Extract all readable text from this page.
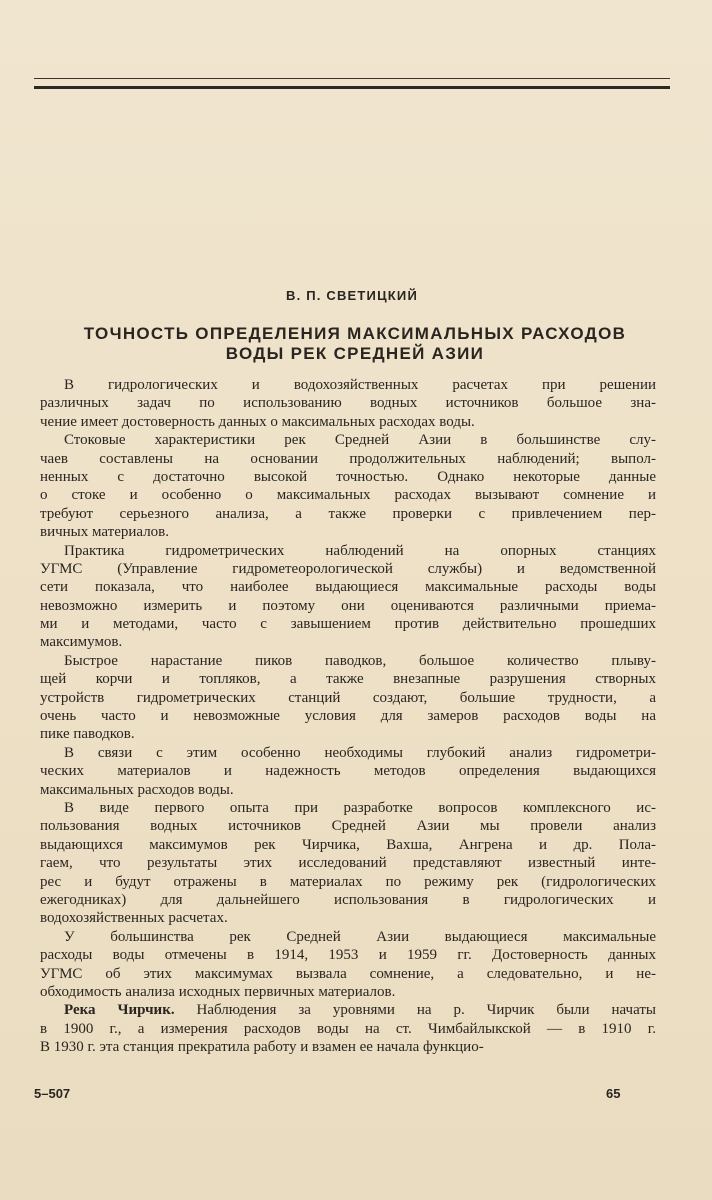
В. П. СВЕТИЦКИЙ
ТОЧНОСТЬ ОПРЕДЕЛЕНИЯ МАКСИМАЛЬНЫХ РАСХОДОВ
ВОДЫ РЕК СРЕДНЕЙ АЗИИ
В гидрологических и водохозяйственных расчетах при решении
различных задач по использованию водных источников большое зна-
чение имеет достоверность данных о максимальных расходах воды.
Стоковые характеристики рек Средней Азии в большинстве слу-
чаев составлены на основании продолжительных наблюдений; выпол-
ненных с достаточно высокой точностью. Однако некоторые данные
о стоке и особенно о максимальных расходах вызывают сомнение и
требуют серьезного анализа, а также проверки с привлечением пер-
вичных материалов.
Практика гидрометрических наблюдений на опорных станциях
УГМС (Управление гидрометеорологической службы) и ведомственной
сети показала, что наиболее выдающиеся максимальные расходы воды
невозможно измерить и поэтому они оцениваются различными приема-
ми и методами, часто с завышением против действительно прошедших
максимумов.
Быстрое нарастание пиков паводков, большое количество плыву-
щей корчи и топляков, а также внезапные разрушения створных
устройств гидрометрических станций создают, большие трудности, а
очень часто и невозможные условия для замеров расходов воды на
пике паводков.
В связи с этим особенно необходимы глубокий анализ гидрометри-
ческих материалов и надежность методов определения выдающихся
максимальных расходов воды.
В виде первого опыта при разработке вопросов комплексного ис-
пользования водных источников Средней Азии мы провели анализ
выдающихся максимумов рек Чирчика, Вахша, Ангрена и др. Пола-
гаем, что результаты этих исследований представляют известный инте-
рес и будут отражены в материалах по режиму рек (гидрологических
ежегодниках) для дальнейшего использования в гидрологических и
водохозяйственных расчетах.
У большинства рек Средней Азии выдающиеся максимальные
расходы воды отмечены в 1914, 1953 и 1959 гг. Достоверность данных
УГМС об этих максимумах вызвала сомнение, а следовательно, и не-
обходимость анализа исходных первичных материалов.
Река Чирчик. Наблюдения за уровнями на р. Чирчик были начаты
в 1900 г., а измерения расходов воды на ст. Чимбайлыкской — в 1910 г.
В 1930 г. эта станция прекратила работу и взамен ее начала функцио-
5–507	65
